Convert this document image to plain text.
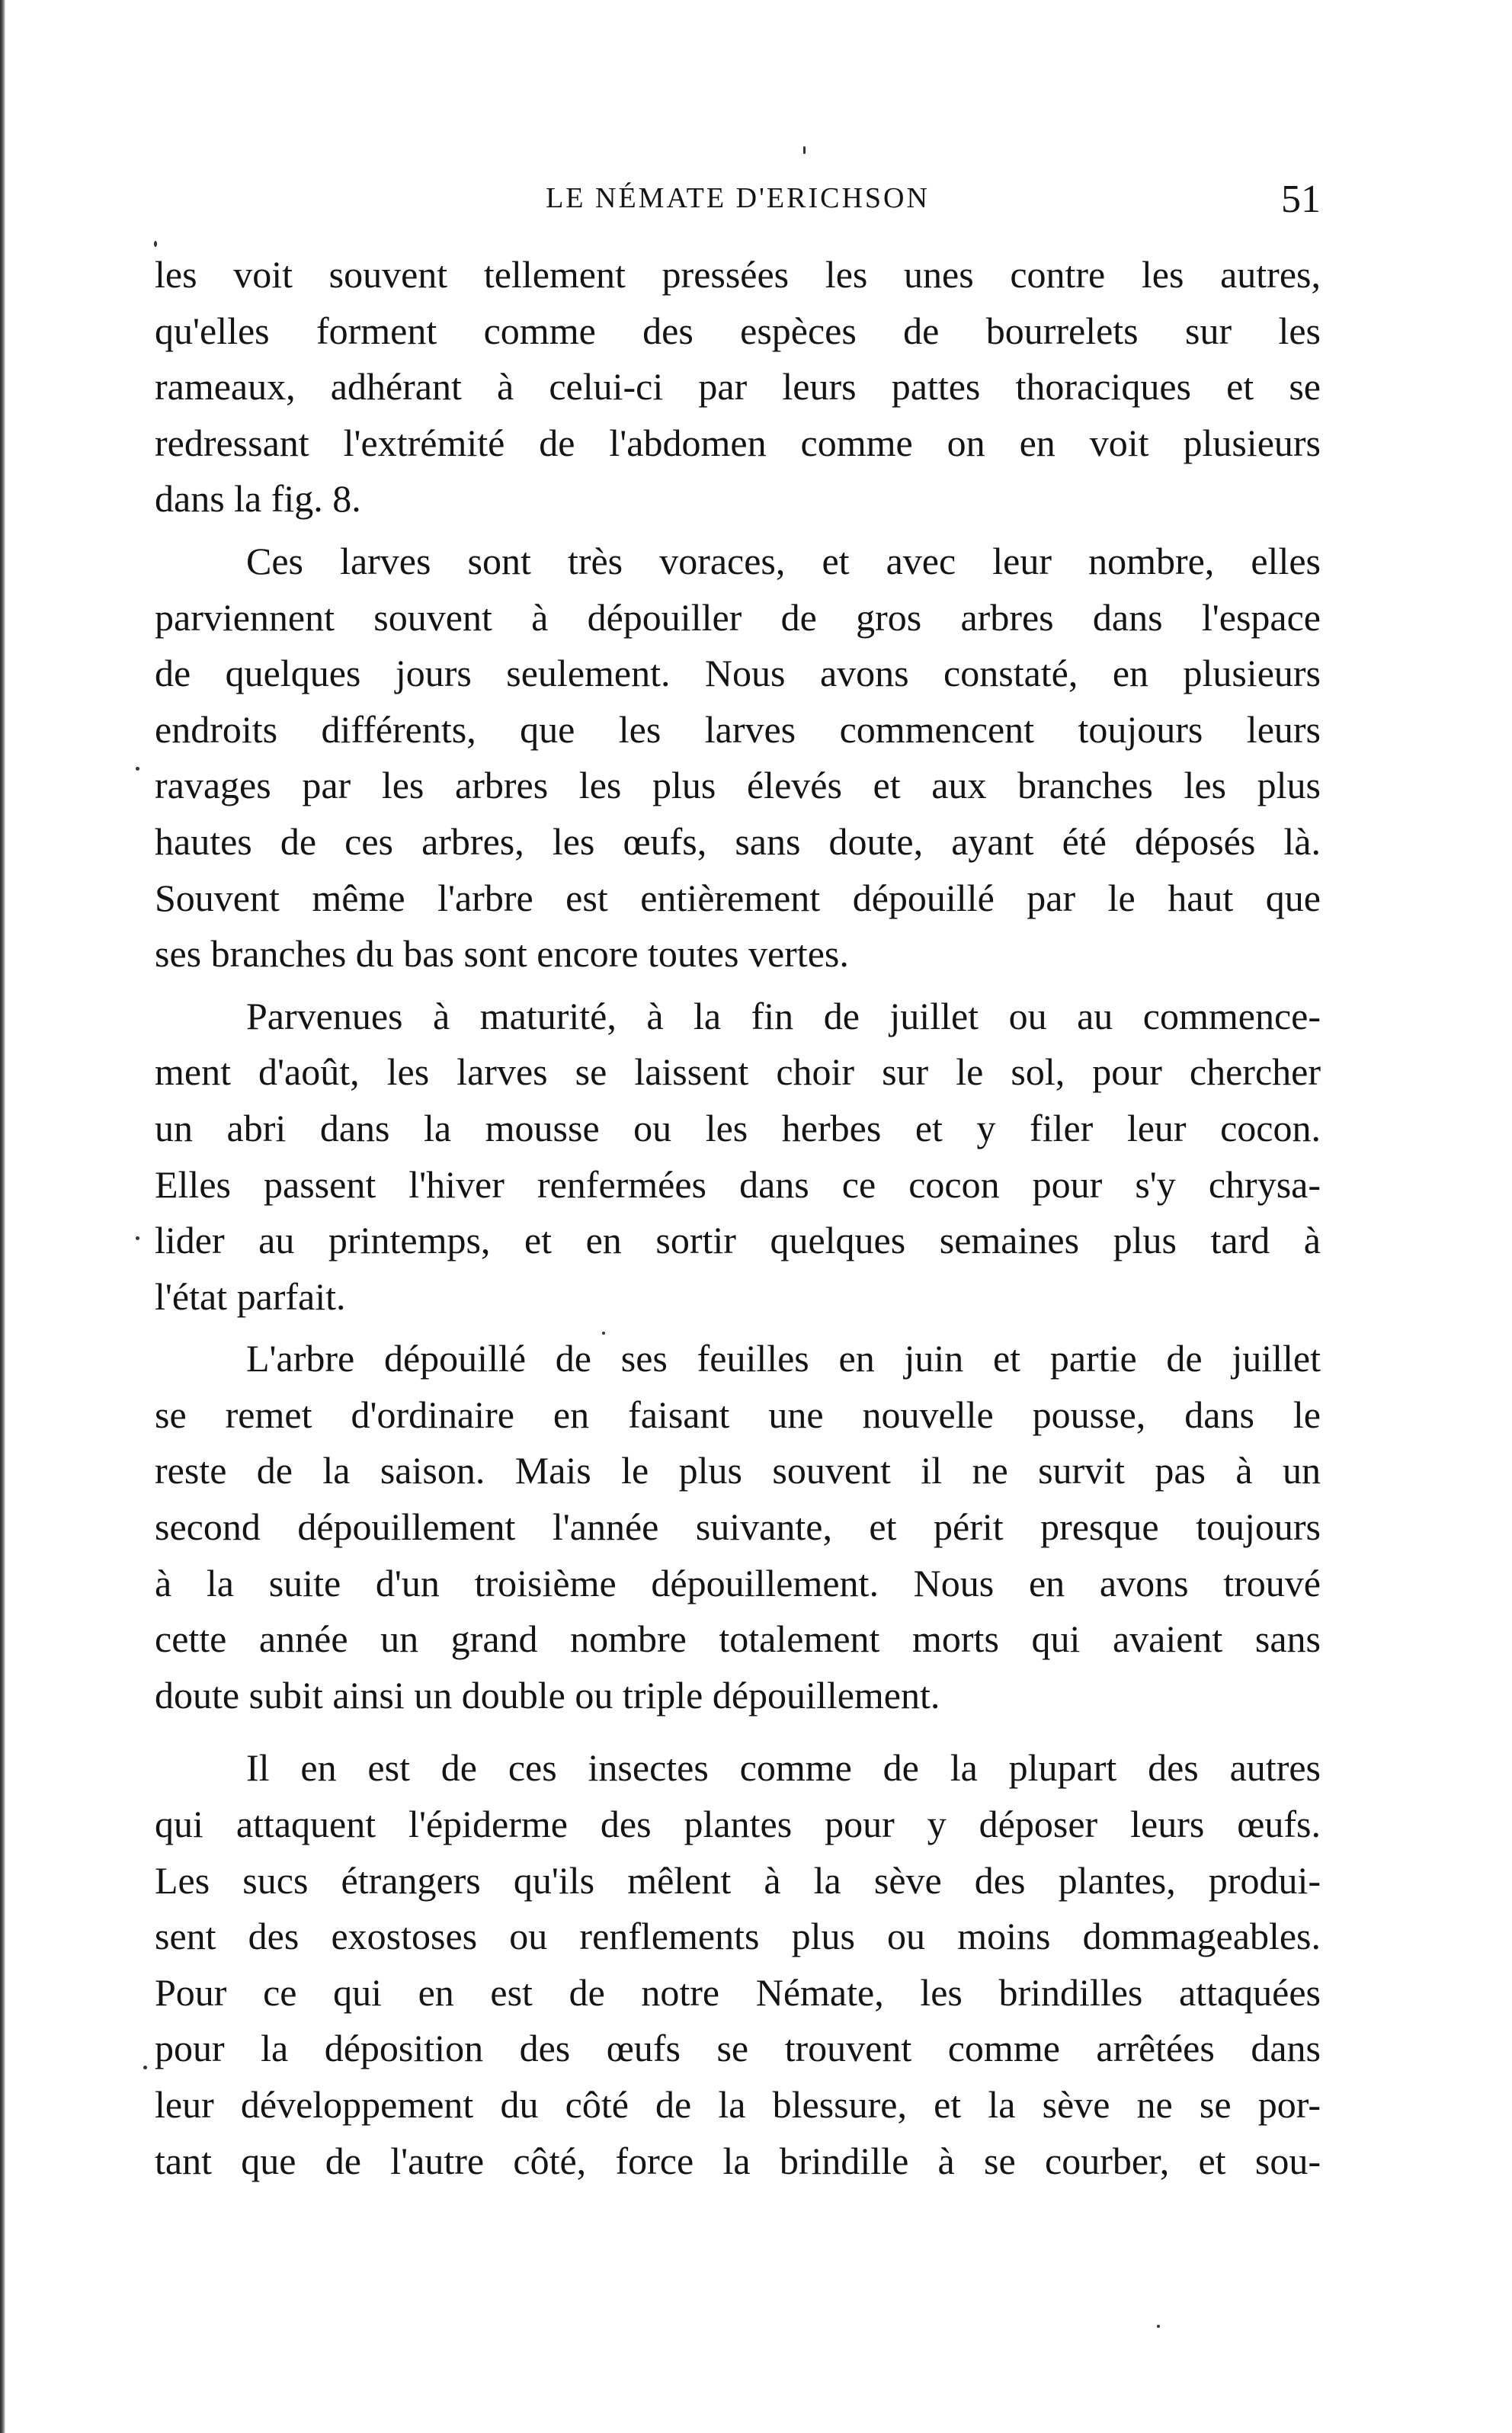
LE NÉMATE D'ERICHSON	51
les voit souvent tellement pressées les unes contre les autres,
qu'elles forment comme des espèces de bourrelets sur les
rameaux, adhérant à celui-ci par leurs pattes thoraciques et se
redressant l'extrémité de l'abdomen comme on en voit plusieurs
dans la fig. 8.
Ces larves sont très voraces, et avec leur nombre, elles
parviennent souvent à dépouiller de gros arbres dans l'espace
de quelques jours seulement. Nous avons constaté, en plusieurs
endroits différents, que les larves commencent toujours leurs
ravages par les arbres les plus élevés et aux branches les plus
hautes de ces arbres, les œufs, sans doute, ayant été déposés là.
Souvent même l'arbre est entièrement dépouillé par le haut que
ses branches du bas sont encore toutes vertes.
Parvenues à maturité, à la fin de juillet ou au commence-
ment d'août, les larves se laissent choir sur le sol, pour chercher
un abri dans la mousse ou les herbes et y filer leur cocon.
Elles passent l'hiver renfermées dans ce cocon pour s'y chrysa-
lider au printemps, et en sortir quelques semaines plus tard à
l'état parfait.
L'arbre dépouillé de ses feuilles en juin et partie de juillet
se remet d'ordinaire en faisant une nouvelle pousse, dans le
reste de la saison. Mais le plus souvent il ne survit pas à un
second dépouillement l'année suivante, et périt presque toujours
à la suite d'un troisième dépouillement. Nous en avons trouvé
cette année un grand nombre totalement morts qui avaient sans
doute subit ainsi un double ou triple dépouillement.
Il en est de ces insectes comme de la plupart des autres
qui attaquent l'épiderme des plantes pour y déposer leurs œufs.
Les sucs étrangers qu'ils mêlent à la sève des plantes, produi-
sent des exostoses ou renflements plus ou moins dommageables.
Pour ce qui en est de notre Némate, les brindilles attaquées
pour la déposition des œufs se trouvent comme arrêtées dans
leur développement du côté de la blessure, et la sève ne se por-
tant que de l'autre côté, force la brindille à se courber, et sou-
